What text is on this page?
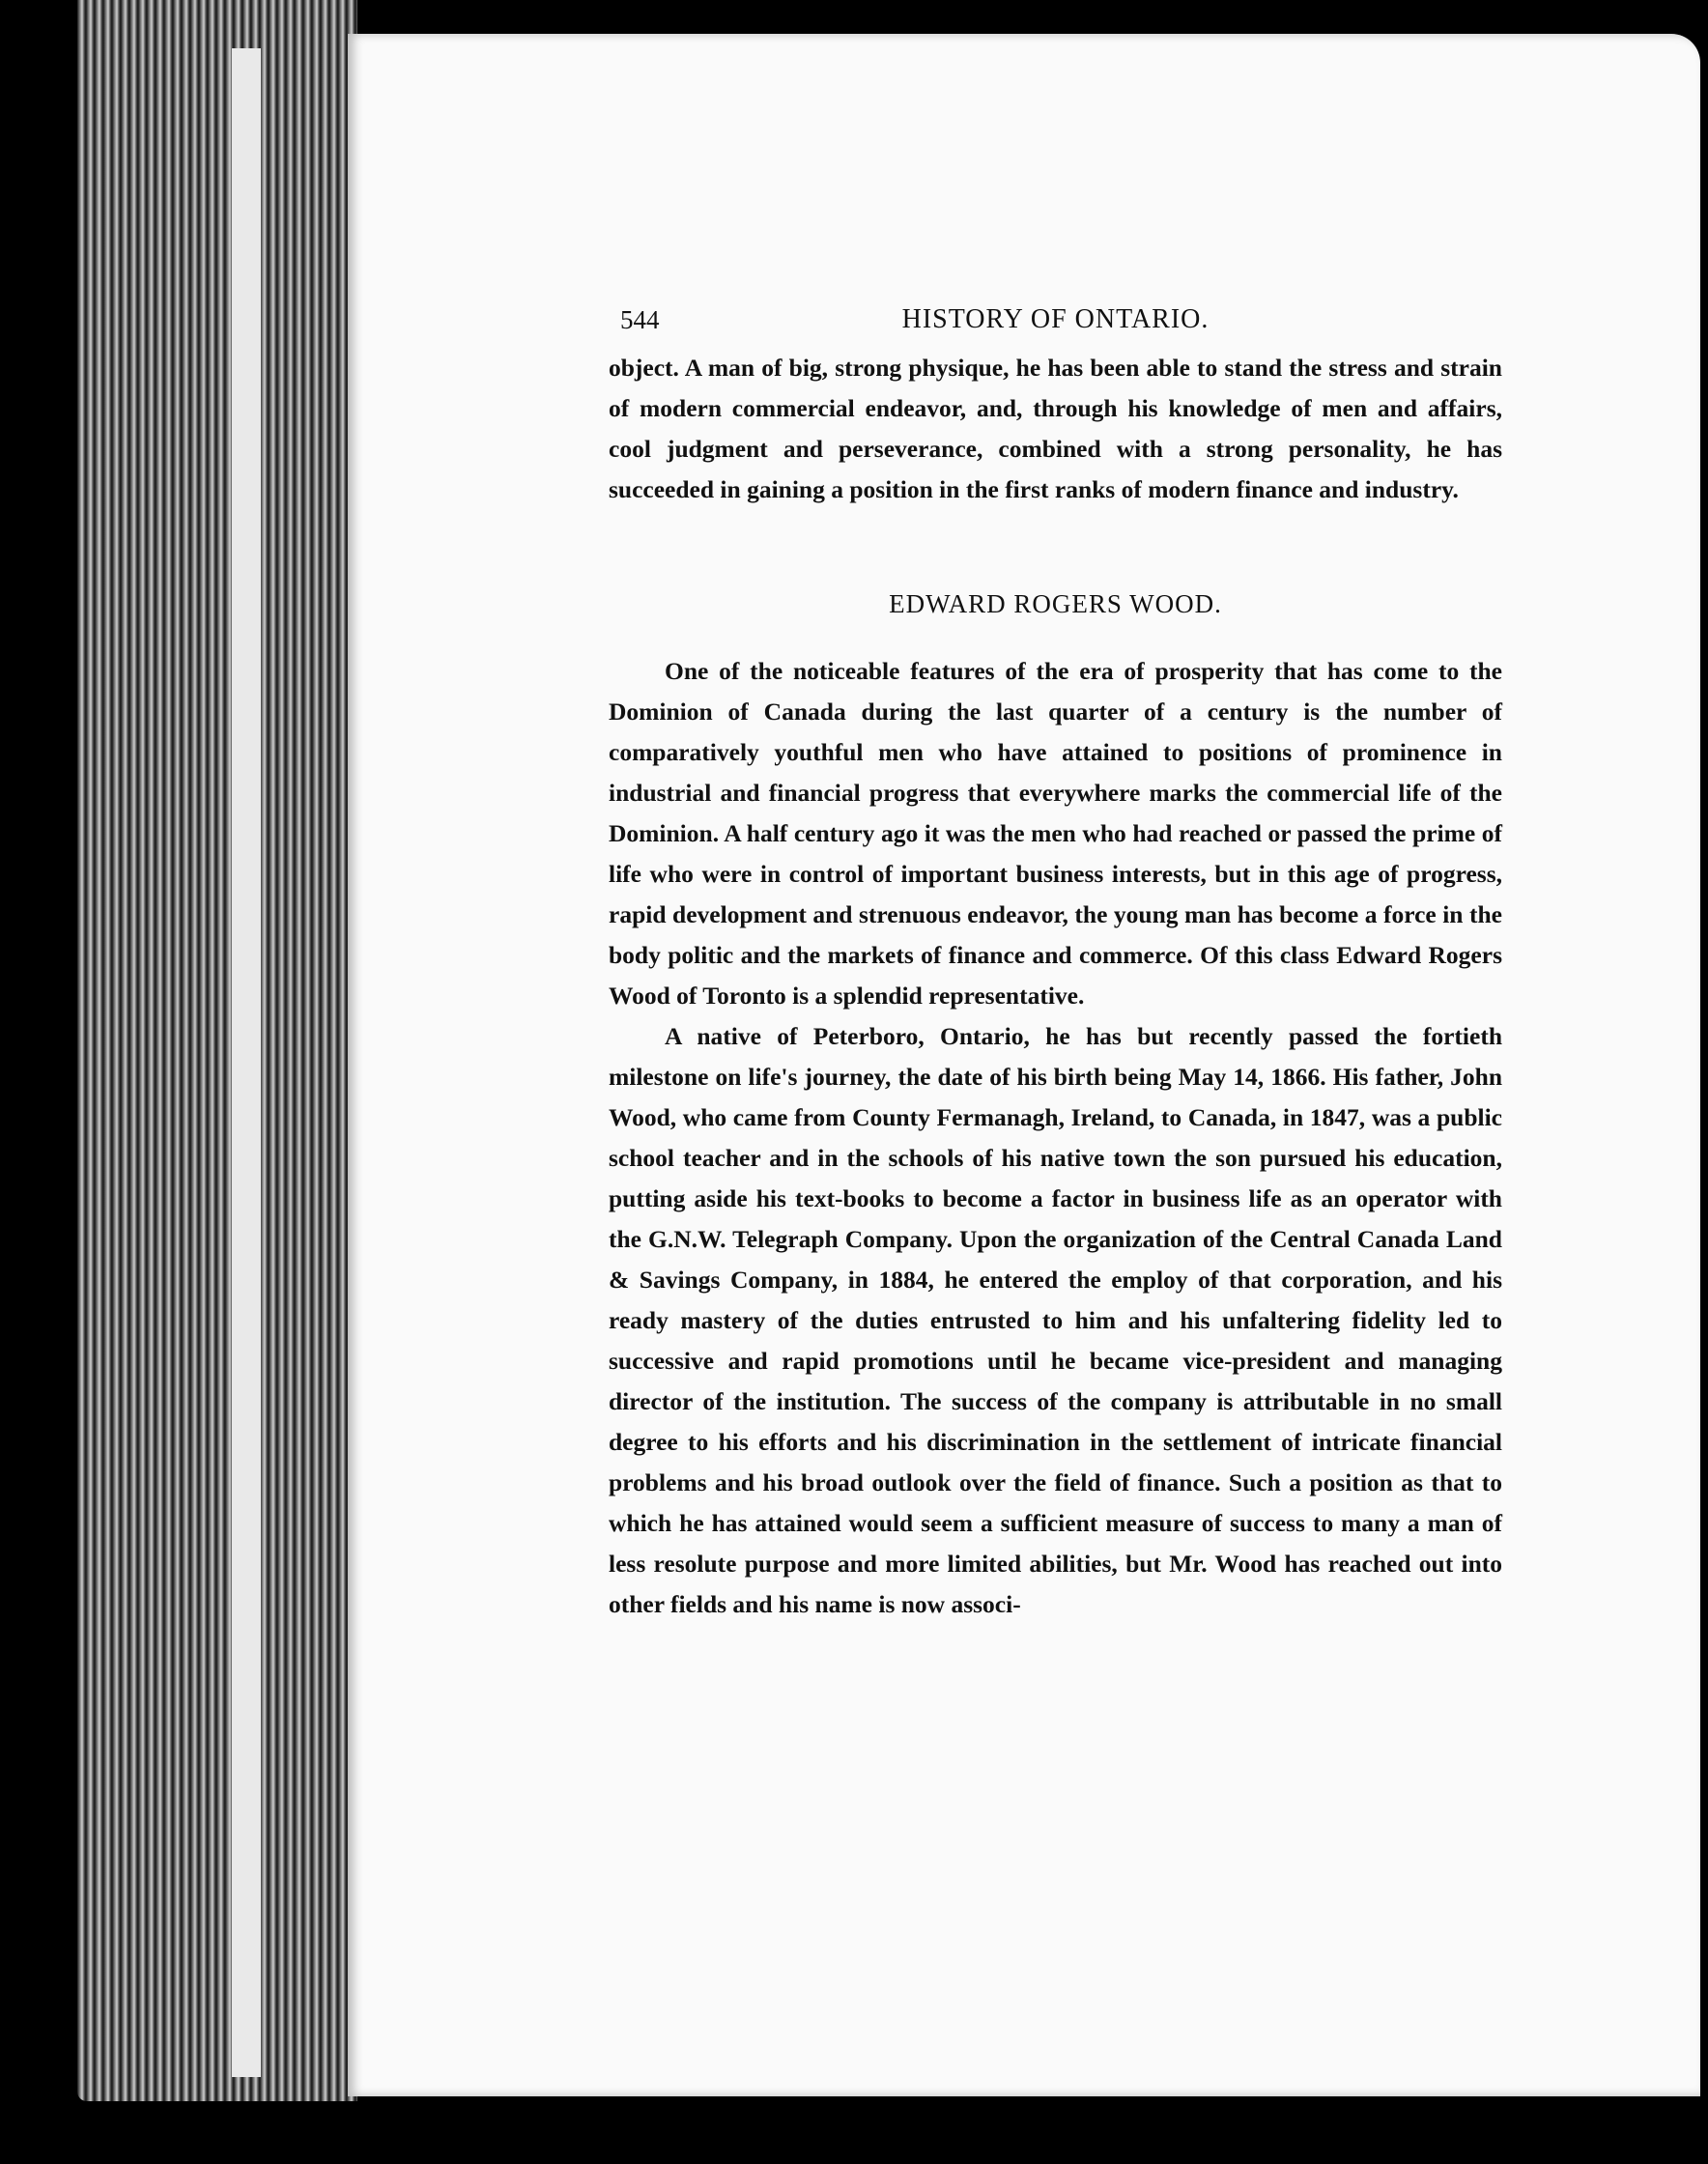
544	HISTORY OF ONTARIO.

object. A man of big, strong physique, he has been able to stand the stress and strain of modern commercial endeavor, and, through his knowledge of men and affairs, cool judgment and perseverance, combined with a strong personality, he has succeeded in gaining a position in the first ranks of modern finance and industry.

EDWARD ROGERS WOOD.

One of the noticeable features of the era of prosperity that has come to the Dominion of Canada during the last quarter of a century is the number of comparatively youthful men who have attained to positions of prominence in industrial and financial progress that everywhere marks the commercial life of the Dominion. A half century ago it was the men who had reached or passed the prime of life who were in control of important business interests, but in this age of progress, rapid development and strenuous endeavor, the young man has become a force in the body politic and the markets of finance and commerce. Of this class Edward Rogers Wood of Toronto is a splendid representative.

A native of Peterboro, Ontario, he has but recently passed the fortieth milestone on life's journey, the date of his birth being May 14, 1866. His father, John Wood, who came from County Fermanagh, Ireland, to Canada, in 1847, was a public school teacher and in the schools of his native town the son pursued his education, putting aside his text-books to become a factor in business life as an operator with the G.N.W. Telegraph Company. Upon the organization of the Central Canada Land & Savings Company, in 1884, he entered the employ of that corporation, and his ready mastery of the duties entrusted to him and his unfaltering fidelity led to successive and rapid promotions until he became vice-president and managing director of the institution. The success of the company is attributable in no small degree to his efforts and his discrimination in the settlement of intricate financial problems and his broad outlook over the field of finance. Such a position as that to which he has attained would seem a sufficient measure of success to many a man of less resolute purpose and more limited abilities, but Mr. Wood has reached out into other fields and his name is now associ-
